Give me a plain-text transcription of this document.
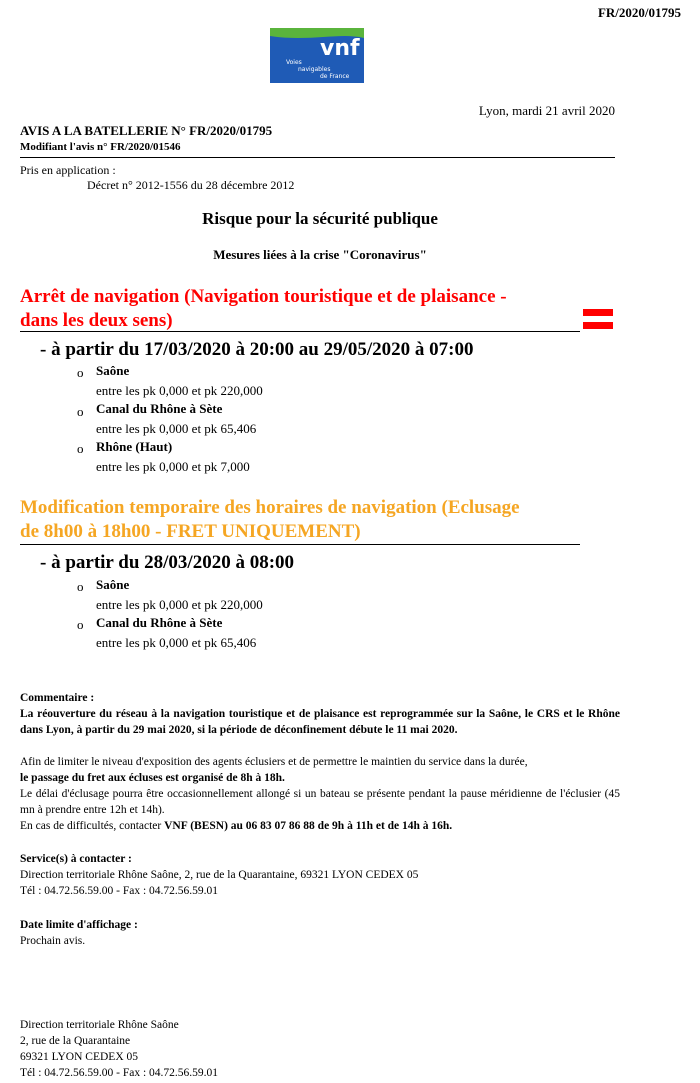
FR/2020/01795
vnf
Voies
navigables
de France
Lyon, mardi 21 avril 2020
AVIS A LA BATELLERIE N° FR/2020/01795
Modifiant l'avis n° FR/2020/01546
Pris en application :
Décret n° 2012-1556 du 28 décembre 2012
Risque pour la sécurité publique
Mesures liées à la crise "Coronavirus"
Arrêt de navigation (Navigation touristique et de plaisance -
dans les deux sens)
- à partir du 17/03/2020 à 20:00 au 29/05/2020 à 07:00
o Saône
entre les pk 0,000 et pk 220,000
o Canal du Rhône à Sète
entre les pk 0,000 et pk 65,406
o Rhône (Haut)
entre les pk 0,000 et pk 7,000
Modification temporaire des horaires de navigation (Eclusage
de 8h00 à 18h00 - FRET UNIQUEMENT)
- à partir du 28/03/2020 à 08:00
o Saône
entre les pk 0,000 et pk 220,000
o Canal du Rhône à Sète
entre les pk 0,000 et pk 65,406

Commentaire :

La réouverture du réseau à la navigation touristique et de plaisance est reprogrammée sur la Saône, le CRS et le Rhône dans Lyon, à partir du 29 mai 2020, si la période de déconfinement débute le 11 mai 2020.

Afin de limiter le niveau d'exposition des agents éclusiers et de permettre le maintien du service dans la durée,
le passage du fret aux écluses est organisé de 8h à 18h.

Le délai d'éclusage pourra être occasionnellement allongé si un bateau se présente pendant la pause méridienne de l'éclusier (45 mn à prendre entre 12h et 14h).

En cas de difficultés, contacter VNF (BESN) au 06 83 07 86 88 de 9h à 11h et de 14h à 16h.

Service(s) à contacter :

Direction territoriale Rhône Saône, 2, rue de la Quarantaine, 69321 LYON CEDEX 05

Tél : 04.72.56.59.00 - Fax : 04.72.56.59.01

Date limite d'affichage :

Prochain avis.

Direction territoriale Rhône Saône

2, rue de la Quarantaine

69321 LYON CEDEX 05

Tél : 04.72.56.59.00 - Fax : 04.72.56.59.01
